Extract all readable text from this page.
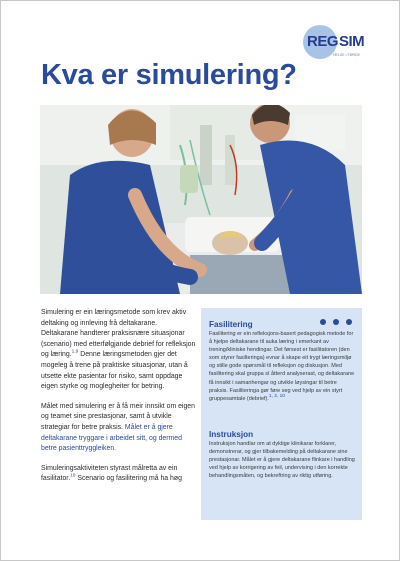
REG SIM
HELSE • FØRDE
Kva er simulering?

Simulering er ein læringsmetode som krev aktiv deltaking og innleving frå deltakarane. Deltakarane handterer praksisnære situasjonar (scenario) med etterfølgjande debrief for refleksjon og læring.$^{1,9}$ Denne læringsmetoden gjer det mogeleg å trene på praktiske situasjonar, utan å utsette ekte pasientar for risiko, samt oppdage eigen styrke og moglegheiter for betring.

Målet med simulering er å få meir innsikt om eigen og teamet sine prestasjonar, samt å utvikle strategiar for betre praksis. Målet er å gjere deltakarane tryggare i arbeidet sitt, og dermed betre pasienttryggleiken.

Simuleringsaktiviteten styrast målretta av ein fasilitator.$^{10}$ Scenario og fasilitering må ha høg

Fasilitering

Fasilitering er ein refleksjons-basert pedagogisk metode for å hjelpe deltakarane til auka læring i emerkant av trening/kliniske hendingar. Det førsest er fasilitatoren (den som styrer fasilteringa) evnar å skape eit trygt læringsmiljø og stille gode spørsmål til refleksjon og diskusjon. Med fasilitering skal gruppa sì åtterd analyserast, og deltakarane få innsikt i samanhengar og utvikle løysingar til betre praksis. Fasiliteringa gør føre seg ved hjelp av ein styrt gruppesamtale (debrief).1, 2, 10

Instruksjon

Instruksjon handlar om at dyktige klinikarar forklarer, demonstrerar, og gjer tilbakemelding på deltakarane sine prestasjonar. Målet er å gjere deltakarane flinkare i handling ved hjelp av korrigering av feil, undervising i den korrekte behandlingsmåten, og bekreftring av riktig utføring.
